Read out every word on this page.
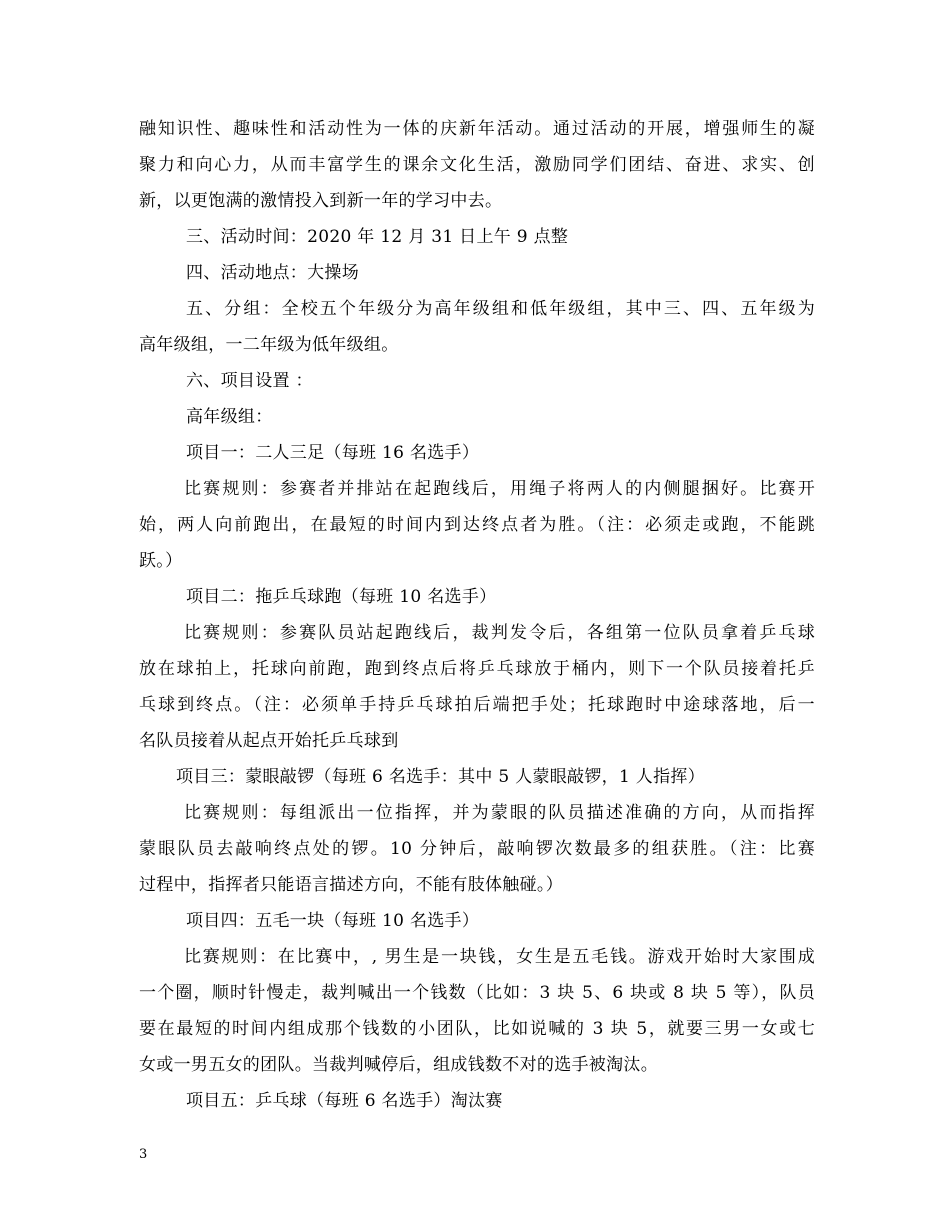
融知识性、趣味性和活动性为一体的庆新年活动。通过活动的开展，增强师生的凝
聚力和向心力，从而丰富学生的课余文化生活，激励同学们团结、奋进、求实、创
新，以更饱满的激情投入到新一年的学习中去。
三、活动时间：2020 年 12 月 31 日上午 9 点整
四、活动地点：大操场
五、分组：全校五个年级分为高年级组和低年级组，其中三、四、五年级为
高年级组，一二年级为低年级组。
六、项目设置 ：
高年级组：
项目一：二人三足（每班 16 名选手）
比赛规则：参赛者并排站在起跑线后，用绳子将两人的内侧腿捆好。比赛开
始，两人向前跑出，在最短的时间内到达终点者为胜。（注：必须走或跑，不能跳
跃。）
项目二：拖乒乓球跑（每班 10 名选手）
比赛规则：参赛队员站起跑线后，裁判发令后，各组第一位队员拿着乒乓球
放在球拍上，托球向前跑，跑到终点后将乒乓球放于桶内，则下一个队员接着托乒
乓球到终点。（注：必须单手持乒乓球拍后端把手处；托球跑时中途球落地，后一
名队员接着从起点开始托乒乓球到
项目三：蒙眼敲锣（每班 6 名选手：其中 5 人蒙眼敲锣，1 人指挥）
比赛规则：每组派出一位指挥，并为蒙眼的队员描述准确的方向，从而指挥
蒙眼队员去敲响终点处的锣。10 分钟后，敲响锣次数最多的组获胜。（注：比赛
过程中，指挥者只能语言描述方向，不能有肢体触碰。）
项目四：五毛一块（每班 10 名选手）
比赛规则：在比赛中，, 男生是一块钱，女生是五毛钱。游戏开始时大家围成
一个圈，顺时针慢走，裁判喊出一个钱数（比如：3 块 5、6 块或 8 块 5 等），队员
要在最短的时间内组成那个钱数的小团队，比如说喊的 3 块 5，就要三男一女或七
女或一男五女的团队。当裁判喊停后，组成钱数不对的选手被淘汰。
项目五：乒乓球（每班 6 名选手）淘汰赛
3
